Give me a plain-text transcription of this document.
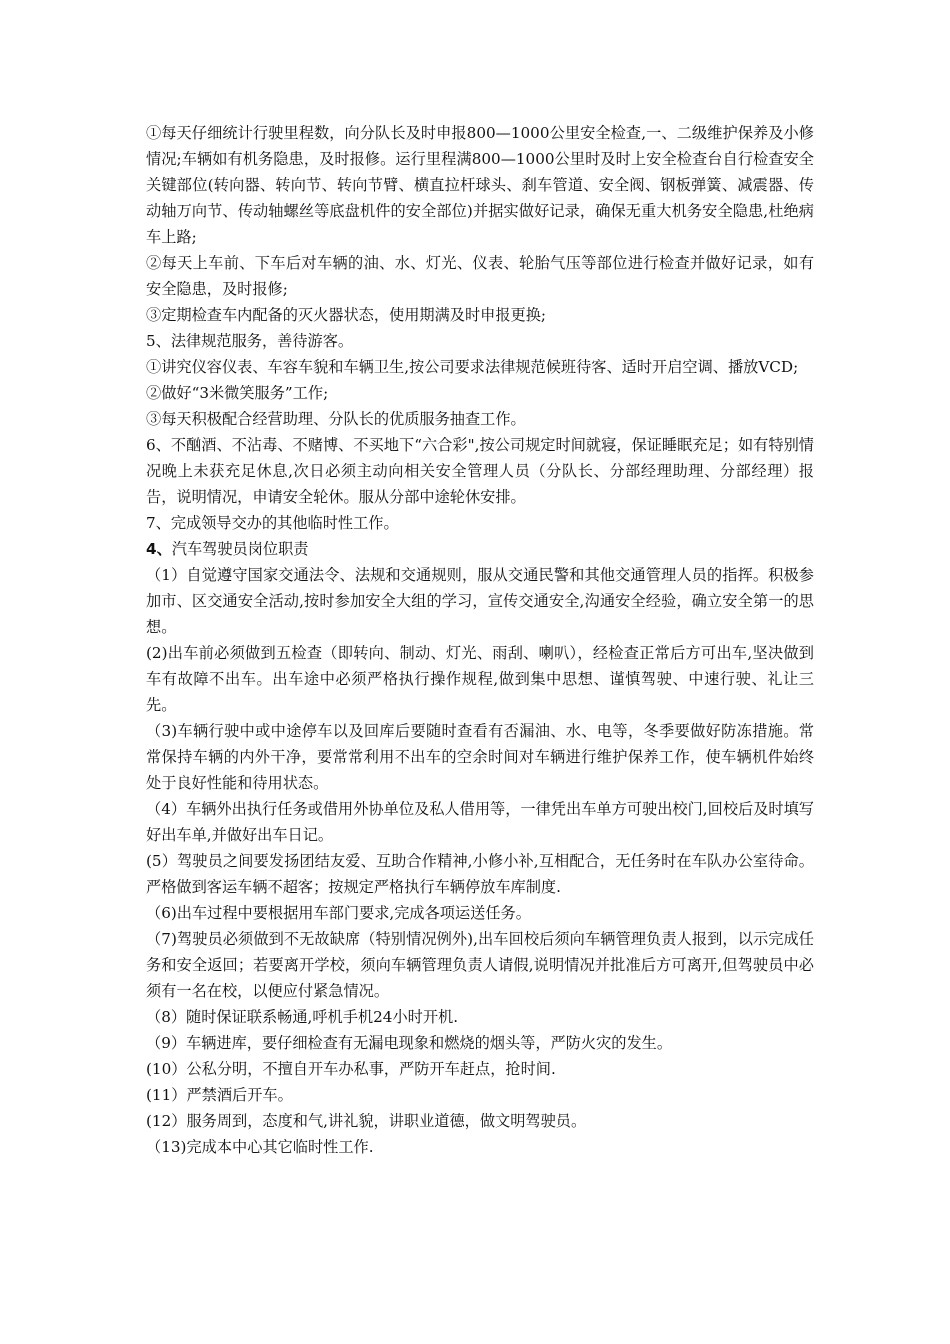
①每天仔细统计行驶里程数，向分队长及时申报800—1000公里安全检查,一、二级维护保养及小修情况;车辆如有机务隐患，及时报修。运行里程满800—1000公里时及时上安全检查台自行检查安全关键部位(转向器、转向节、转向节臂、横直拉杆球头、刹车管道、安全阀、钢板弹簧、减震器、传动轴万向节、传动轴螺丝等底盘机件的安全部位)并据实做好记录，确保无重大机务安全隐患,杜绝病车上路;

②每天上车前、下车后对车辆的油、水、灯光、仪表、轮胎气压等部位进行检查并做好记录，如有安全隐患，及时报修;

③定期检查车内配备的灭火器状态，使用期满及时申报更换;

5、法律规范服务，善待游客。

①讲究仪容仪表、车容车貌和车辆卫生,按公司要求法律规范候班待客、适时开启空调、播放VCD;

②做好“3米微笑服务”工作;

③每天积极配合经营助理、分队长的优质服务抽查工作。

6、不酗酒、不沾毒、不赌博、不买地下“六合彩",按公司规定时间就寝，保证睡眠充足；如有特别情况晚上未获充足休息,次日必须主动向相关安全管理人员（分队长、分部经理助理、分部经理）报告，说明情况，申请安全轮休。服从分部中途轮休安排。

7、完成领导交办的其他临时性工作。

4、汽车驾驶员岗位职责

（1）自觉遵守国家交通法令、法规和交通规则，服从交通民警和其他交通管理人员的指挥。积极参加市、区交通安全活动,按时参加安全大组的学习，宣传交通安全,沟通安全经验，确立安全第一的思想。

(2)出车前必须做到五检查（即转向、制动、灯光、雨刮、喇叭），经检查正常后方可出车,坚决做到车有故障不出车。出车途中必须严格执行操作规程,做到集中思想、谨慎驾驶、中速行驶、礼让三先。

（3)车辆行驶中或中途停车以及回库后要随时查看有否漏油、水、电等，冬季要做好防冻措施。常常保持车辆的内外干净，要常常利用不出车的空余时间对车辆进行维护保养工作，使车辆机件始终处于良好性能和待用状态。

（4）车辆外出执行任务或借用外协单位及私人借用等，一律凭出车单方可驶出校门,回校后及时填写好出车单,并做好出车日记。

(5）驾驶员之间要发扬团结友爱、互助合作精神,小修小补,互相配合，无任务时在车队办公室待命。严格做到客运车辆不超客；按规定严格执行车辆停放车库制度.

（6)出车过程中要根据用车部门要求,完成各项运送任务。

（7)驾驶员必须做到不无故缺席（特别情况例外),出车回校后须向车辆管理负责人报到，以示完成任务和安全返回；若要离开学校，须向车辆管理负责人请假,说明情况并批准后方可离开,但驾驶员中必须有一名在校，以便应付紧急情况。

（8）随时保证联系畅通,呼机手机24小时开机.

（9）车辆进库，要仔细检查有无漏电现象和燃烧的烟头等，严防火灾的发生。

(10）公私分明，不擅自开车办私事，严防开车赶点，抢时间.

(11）严禁酒后开车。

(12）服务周到，态度和气,讲礼貌，讲职业道德，做文明驾驶员。

（13)完成本中心其它临时性工作.
